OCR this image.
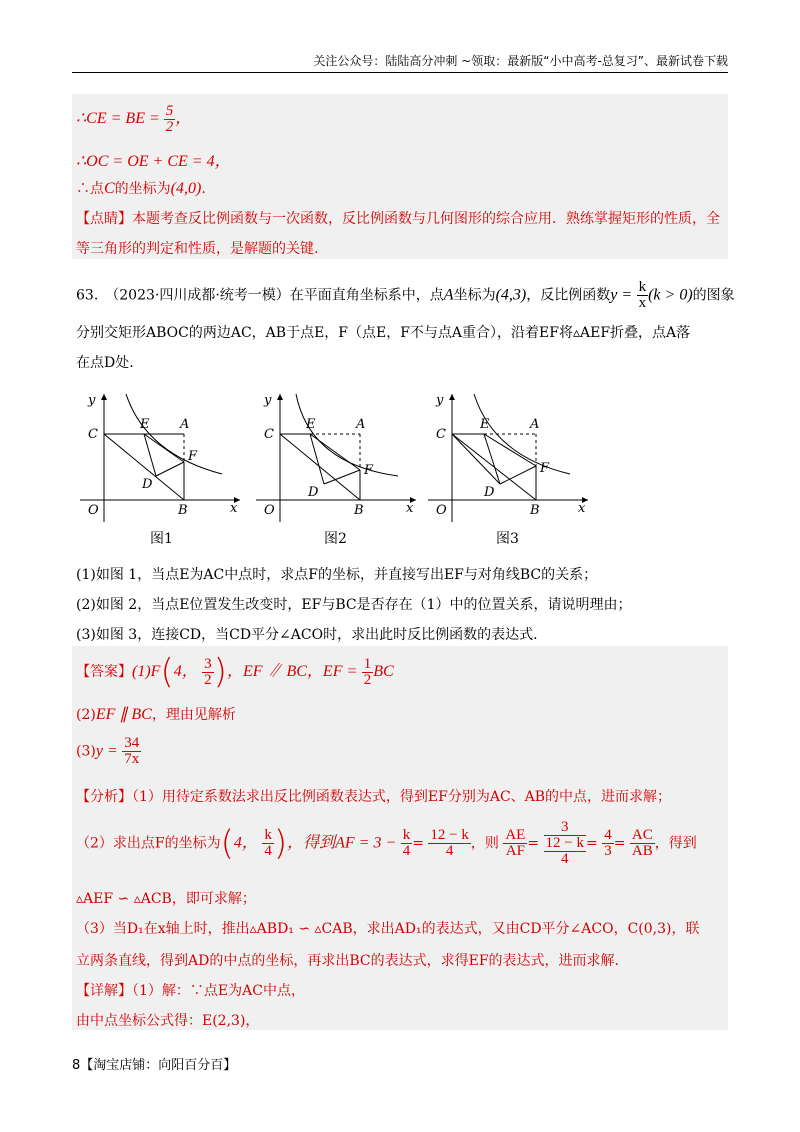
关注公众号：陆陆高分冲刺 ~领取：最新版“小中高考-总复习”、最新试卷下载
∴CE = BE = $\frac{5}{2}$ ，
∴OC = OE + CE = 4，
∴点C的坐标为(4,0).
【点睛】本题考查反比例函数与一次函数，反比例函数与几何图形的综合应用．熟练掌握矩形的性质，全
等三角形的判定和性质，是解题的关键.
63.　（2023·四川成都·统考一模）在平面直角坐标系中，点A坐标为(4,3)，反比例函数$y = \frac{k}{x} (k > 0)$的图象
分别交矩形ABOC的两边AC，AB于点E，F（点E，F不与点A重合），沿着EF将▵AEF折叠，点A落
在点D处.
y
x
O
C
E A
F
D
B
图1
y
x
O
C
E	A
F
D
B
图2
y
x
O
C
E	A
F
D
B
图3
(1)如图 1，当点E为AC中点时，求点F的坐标，并直接写出EF与对角线BC的关系；
(2)如图 2，当点E位置发生改变时，EF与BC是否存在（1）中的位置关系，请说明理由；
(3)如图 3，连接CD，当CD平分∠ACO时，求出此时反比例函数的表达式.
【答案】(1)F(4， $\frac{3}{2}$ )，EF ∥ BC，EF = $\frac{1}{2}$ BC
(2)EF ∥ BC，理由见解析
$(3)y = \frac{34}{7x}$
【分析】（1）用待定系数法求出反比例函数表达式，得到EF分别为AC、AB的中点，进而求解；
（2）求出点F的坐标为(4， $\frac{k}{4}$ )，得到AF = $3 - \frac{k}{4} = \frac{12 - k}{4}$ ，则 $\frac{AE}{AF}$ =
3
12 − k
4
= $\frac{4}{3} = \frac{AC}{AB}$ ，得到
▵AEF ∽ ▵ACB，即可求解；
（3）当D₁在x轴上时，推出▵ABD₁ ∽ ▵CAB，求出AD₁的表达式，又由CD平分∠ACO，C(0,3)，联
立两条直线，得到AD的中点的坐标，再求出BC的表达式，求得EF的表达式，进而求解.
【详解】（1）解：∵点E为AC中点，
由中点坐标公式得：E(2,3)，
8【淘宝店铺：向阳百分百】
